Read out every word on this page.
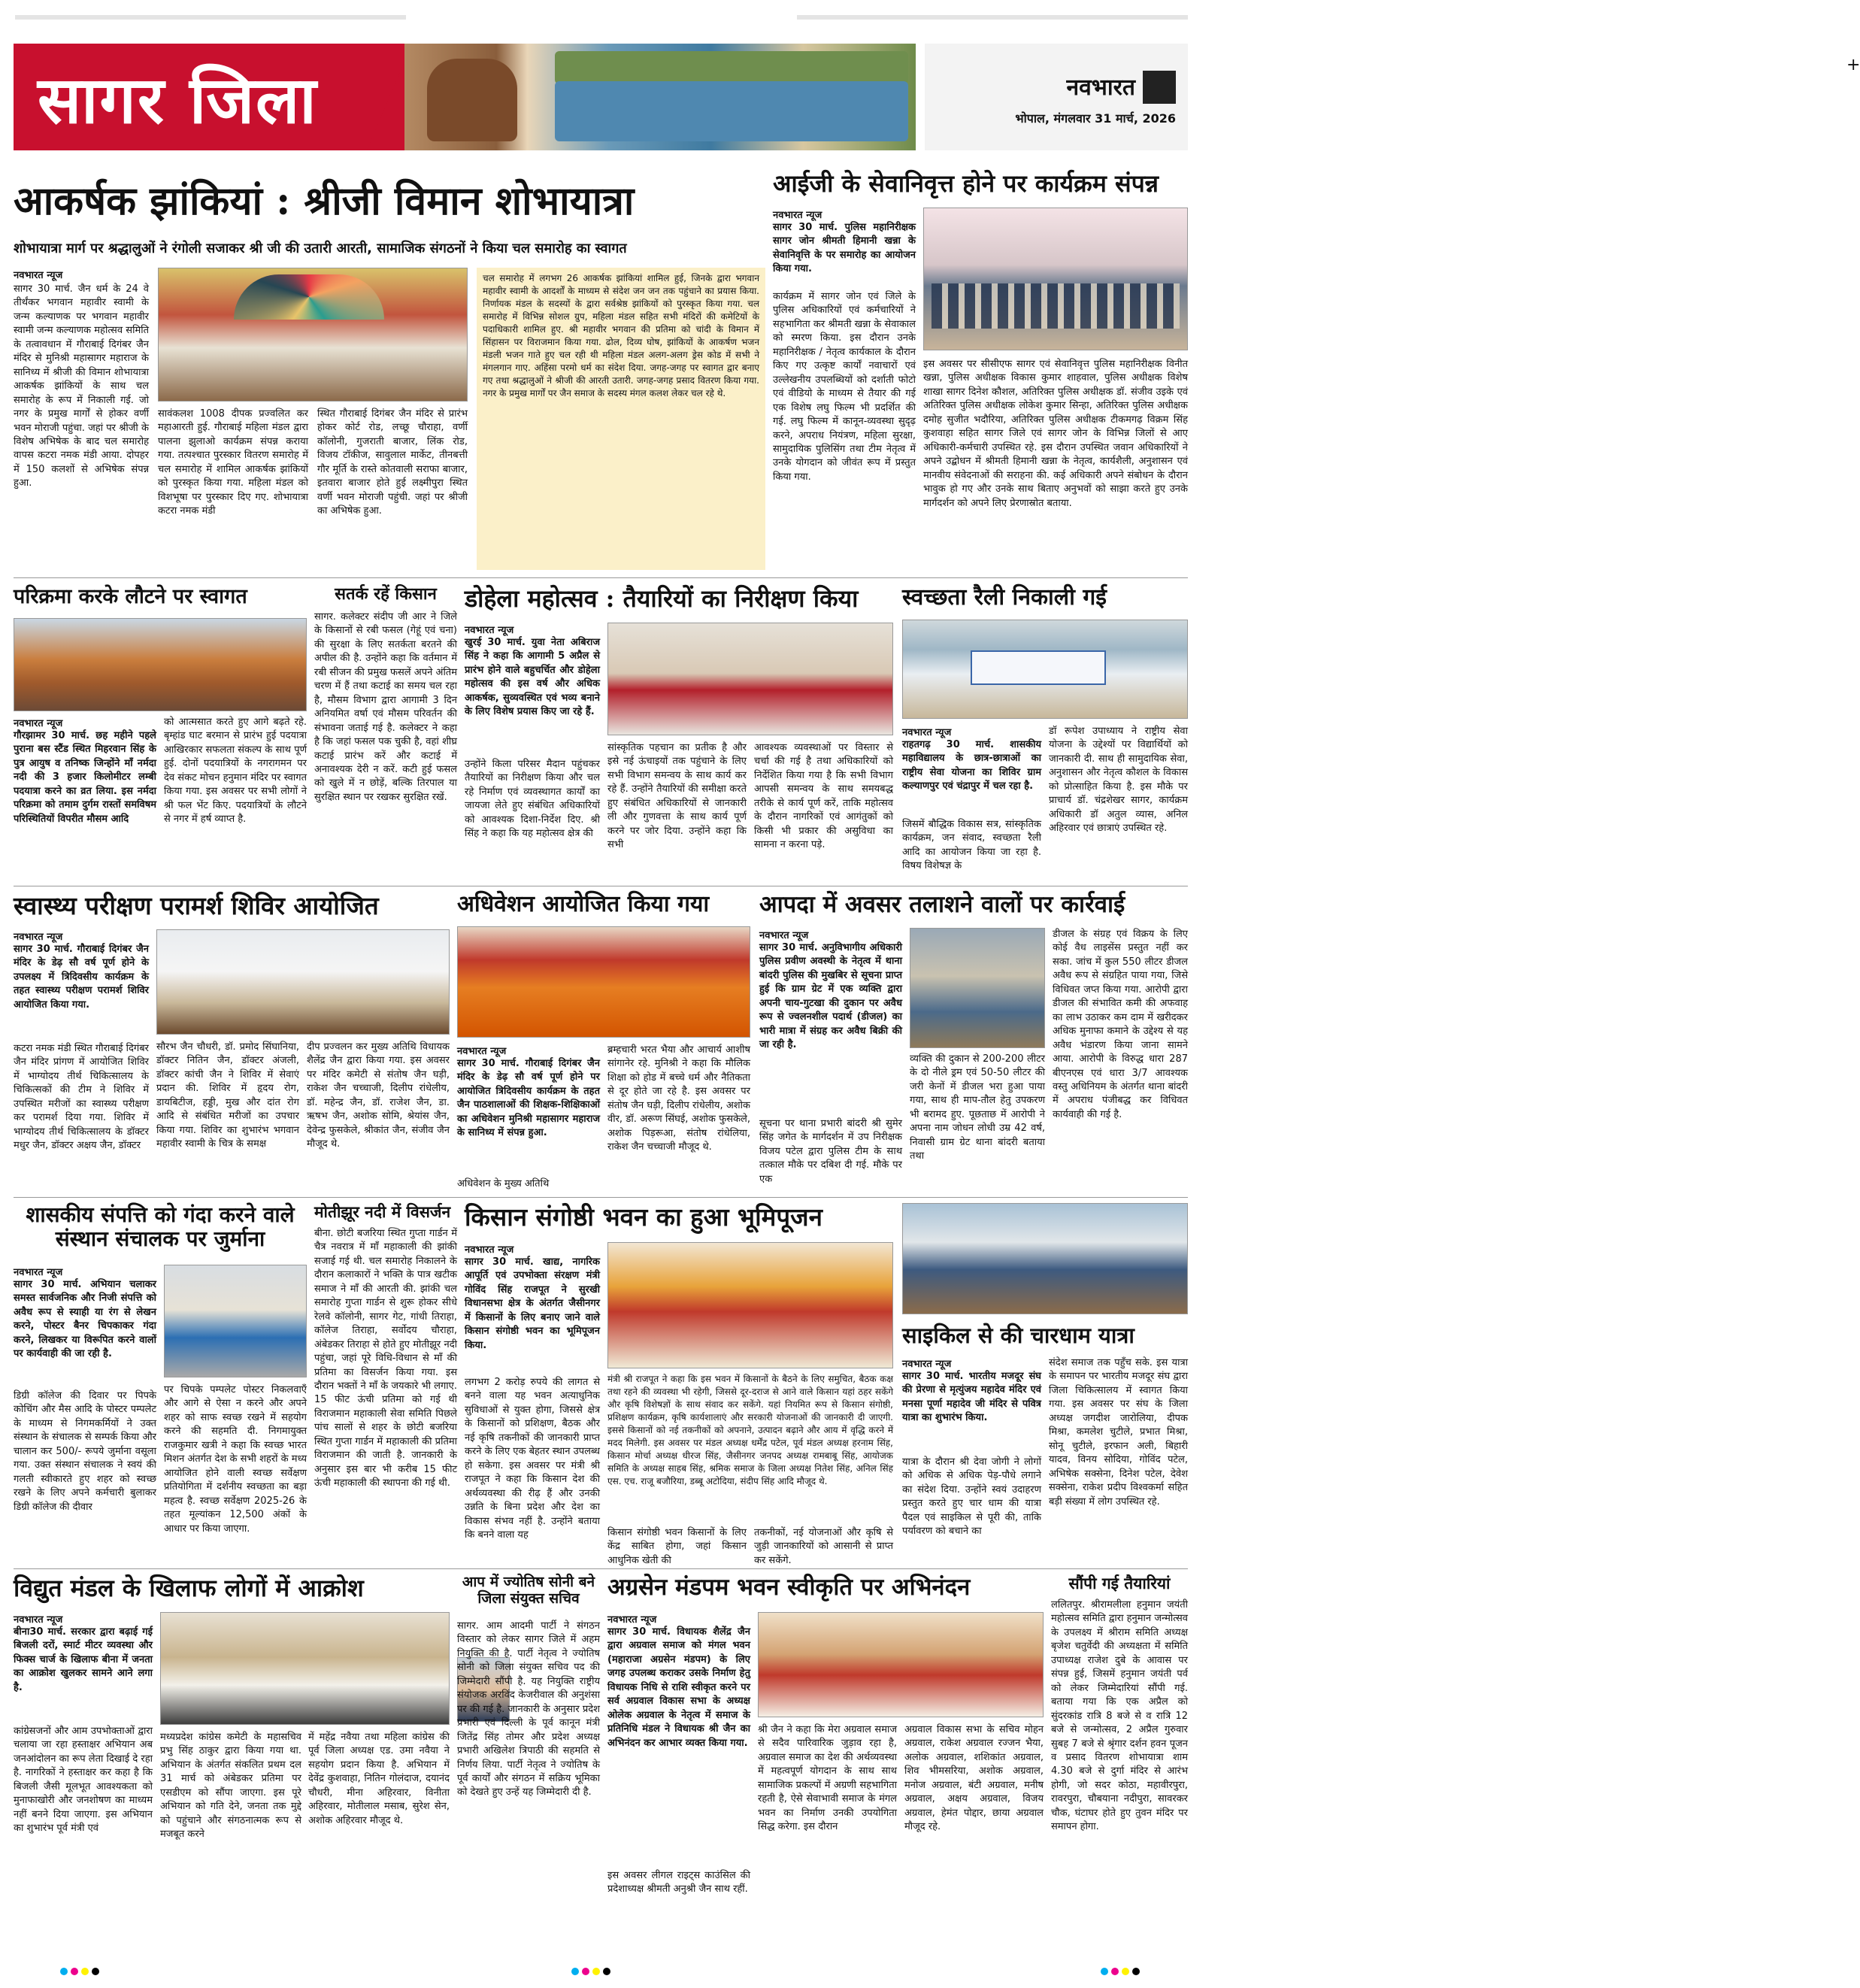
सागर जिला	+
नवभारत
भोपाल, मंगलवार 31 मार्च, 2026
आकर्षक झांकियां : श्रीजी विमान शोभायात्रा
शोभायात्रा मार्ग पर श्रद्धालुओं ने रंगोली सजाकर श्री जी की उतारी आरती, सामाजिक संगठनों ने किया चल समारोह का स्वागत
नवभारत न्यूज
सागर 30 मार्च. जैन धर्म के 24 वे तीर्थंकर भगवान महावीर स्वामी के जन्म कल्याणक पर भगवान महावीर स्वामी जन्म कल्याणक महोत्सव समिति के तत्वावधान में गौराबाई दिगंबर जैन मंदिर से मुनिश्री महासागर महाराज के सानिध्य में श्रीजी की विमान शोभायात्रा आकर्षक झांकियों के साथ चल समारोह के रूप में निकाली गई. जो नगर के प्रमुख मार्गों से होकर वर्णी भवन मोराजी पहुंचा. जहां पर श्रीजी के विशेष अभिषेक के बाद चल समारोह वापस कटरा नमक मंडी आया. दोपहर में 150 कलशों से अभिषेक संपन्न हुआ.
सावंकलश 1008 दीपक प्रज्वलित कर महाआरती हुई. गौराबाई महिला मंडल द्वारा पालना झुलाओ कार्यक्रम संपन्न कराया गया. तत्पश्चात पुरस्कार वितरण समारोह में चल समारोह में शामिल आकर्षक झांकियों को पुरस्कृत किया गया. महिला मंडल को विशभूषा पर पुरस्कार दिए गए. शोभायात्रा कटरा नमक मंडी
स्थित गौराबाई दिगंबर जैन मंदिर से प्रारंभ होकर कोर्ट रोड, लच्छू चौराहा, वर्णी कॉलोनी, गुजराती बाजार, लिंक रोड, विजय टॉकीज, सावुलाल मार्केट, तीनबत्ती गौर मूर्ति के रास्ते कोतवाली सराफा बाजार, इतवारा बाजार होते हुई लक्ष्मीपुरा स्थित वर्णी भवन मोराजी पहुंची. जहां पर श्रीजी का अभिषेक हुआ.
चल समारोह में लगभग 26 आकर्षक झांकियां शामिल हुई, जिनके द्वारा भगवान महावीर स्वामी के आदर्शों के माध्यम से संदेश जन जन तक पहुंचाने का प्रयास किया. निर्णायक मंडल के सदस्यों के द्वारा सर्वश्रेष्ठ झांकियों को पुरस्कृत किया गया. चल समारोह में विभिन्न सोशल ग्रुप, महिला मंडल सहित सभी मंदिरों की कमेटियों के पदाधिकारी शामिल हुए. श्री महावीर भगवान की प्रतिमा को चांदी के विमान में सिंहासन पर विराजमान किया गया. ढोल, दिव्य घोष, झांकियों के आकर्षण भजन मंडली भजन गाते हुए चल रही थी महिला मंडल अलग-अलग ड्रेस कोड में सभी ने मंगलगान गाए. अहिंसा परमो धर्म का संदेश दिया. जगह-जगह पर स्वागत द्वार बनाए गए तथा श्रद्धालुओं ने श्रीजी की आरती उतारी. जगह-जगह प्रसाद वितरण किया गया. नगर के प्रमुख मार्गों पर जैन समाज के सदस्य मंगल कलश लेकर चल रहे थे.
आईजी के सेवानिवृत्त होने पर कार्यक्रम संपन्न
नवभारत न्यूज
सागर 30 मार्च. पुलिस महानिरीक्षक सागर जोन श्रीमती हिमानी खन्ना के सेवानिवृत्ति के पर समारोह का आयोजन किया गया.
कार्यक्रम में सागर जोन एवं जिले के पुलिस अधिकारियों एवं कर्मचारियों ने सहभागिता कर श्रीमती खन्ना के सेवाकाल को स्मरण किया. इस दौरान उनके महानिरीक्षक / नेतृत्व कार्यकाल के दौरान किए गए उत्कृष्ट कार्यों नवाचारों एवं उल्लेखनीय उपलब्धियों को दर्शाती फोटो एवं वीडियो के माध्यम से तैयार की गई एक विशेष लघु फिल्म भी प्रदर्शित की गई. लघु फिल्म में कानून-व्यवस्था सुदृढ़ करने, अपराध नियंत्रण, महिला सुरक्षा, सामुदायिक पुलिसिंग तथा टीम नेतृत्व में उनके योगदान को जीवंत रूप में प्रस्तुत किया गया.
इस अवसर पर सीसीएफ सागर एवं सेवानिवृत्त पुलिस महानिरीक्षक विनीत खन्ना, पुलिस अधीक्षक विकास कुमार शाहवाल, पुलिस अधीक्षक विशेष शाखा सागर दिनेश कौशल, अतिरिक्त पुलिस अधीक्षक डॉ. संजीव उइके एवं अतिरिक्त पुलिस अधीक्षक लोकेश कुमार सिन्हा, अतिरिक्त पुलिस अधीक्षक दमोह सुजीत भदौरिया, अतिरिक्त पुलिस अधीक्षक टीकमगढ़ विक्रम सिंह कुशवाहा सहित सागर जिले एवं सागर जोन के विभिन्न जिलों से आए अधिकारी-कर्मचारी उपस्थित रहे. इस दौरान उपस्थित जवान अधिकारियों ने अपने उद्बोधन में श्रीमती हिमानी खन्ना के नेतृत्व, कार्यशैली, अनुशासन एवं मानवीय संवेदनाओं की सराहना की. कई अधिकारी अपने संबोधन के दौरान भावुक हो गए और उनके साथ बिताए अनुभवों को साझा करते हुए उनके मार्गदर्शन को अपने लिए प्रेरणास्रोत बताया.
परिक्रमा करके लौटने पर स्वागत
नवभारत न्यूज
गौरझामर 30 मार्च. छह महीने पहले पुराना बस स्टैंड स्थित मिहरवान सिंह के पुत्र आयुष व तनिष्क जिन्होंने माँ नर्मदा नदी की 3 हजार किलोमीटर लम्बी पदयात्रा करने का व्रत लिया. इस नर्मदा परिक्रमा को तमाम दुर्गम रास्तों समविषम परिस्थितियों विपरीत मौसम आदि
को आत्मसात करते हुए आगे बढ़ते रहे. बृम्हांड घाट बरमान से प्रारंभ हुई पदयात्रा आखिरकार सफलता संकल्प के साथ पूर्ण हुई. दोनों पदयात्रियों के नगरागमन पर देव संकट मोचन हनुमान मंदिर पर स्वागत किया गया. इस अवसर पर सभी लोगों ने श्री फल भेंट किए. पदयात्रियों के लौटने से नगर में हर्ष व्याप्त है.
सतर्क रहें किसान
सागर. कलेक्टर संदीप जी आर ने जिले के किसानों से रबी फसल (गेहूं एवं चना) की सुरक्षा के लिए सतर्कता बरतने की अपील की है. उन्होंने कहा कि वर्तमान में रबी सीजन की प्रमुख फसलें अपने अंतिम चरण में हैं तथा कटाई का समय चल रहा है, मौसम विभाग द्वारा आगामी 3 दिन अनियमित वर्षा एवं मौसम परिवर्तन की संभावना जताई गई है. कलेक्टर ने कहा है कि जहां फसल पक चुकी है, वहां शीघ्र कटाई प्रारंभ करें और कटाई में अनावश्यक देरी न करें. कटी हुई फसल को खुले में न छोड़ें, बल्कि तिरपाल या सुरक्षित स्थान पर रखकर सुरक्षित रखें.
डोहेला महोत्सव : तैयारियों का निरीक्षण किया
नवभारत न्यूज
खुरई 30 मार्च. युवा नेता अबिराज सिंह ने कहा कि आगामी 5 अप्रैल से प्रारंभ होने वाले बहुचर्चित और डोहेला महोत्सव की इस वर्ष और अधिक आकर्षक, सुव्यवस्थित एवं भव्य बनाने के लिए विशेष प्रयास किए जा रहे हैं.
उन्होंने किला परिसर मैदान पहुंचकर तैयारियों का निरीक्षण किया और चल रहे निर्माण एवं व्यवस्थागत कार्यों का जायजा लेते हुए संबंधित अधिकारियों को आवश्यक दिशा-निर्देश दिए. श्री सिंह ने कहा कि यह महोत्सव क्षेत्र की
सांस्कृतिक पहचान का प्रतीक है और इसे नई ऊंचाइयों तक पहुंचाने के लिए सभी विभाग समन्वय के साथ कार्य कर रहे हैं. उन्होंने तैयारियों की समीक्षा करते हुए संबंधित अधिकारियों से जानकारी ली और गुणवत्ता के साथ कार्य पूर्ण करने पर जोर दिया. उन्होंने कहा कि सभी
आवश्यक व्यवस्थाओं पर विस्तार से चर्चा की गई है तथा अधिकारियों को निर्देशित किया गया है कि सभी विभाग आपसी समन्वय के साथ समयबद्ध तरीके से कार्य पूर्ण करें, ताकि महोत्सव के दौरान नागरिकों एवं आगंतुकों को किसी भी प्रकार की असुविधा का सामना न करना पड़े.
स्वच्छता रैली निकाली गई
नवभारत न्यूज
राहतगढ़ 30 मार्च. शासकीय महाविद्यालय के छात्र-छात्राओं का राष्ट्रीय सेवा योजना का शिविर ग्राम कल्याणपुर एवं चंद्रापुर में चल रहा है.
जिसमें बौद्धिक विकास सत्र, सांस्कृतिक कार्यक्रम, जन संवाद, स्वच्छता रैली आदि का आयोजन किया जा रहा है. विषय विशेषज्ञ के
डॉ रूपेश उपाध्याय ने राष्ट्रीय सेवा योजना के उद्देश्यों पर विद्यार्थियों को जानकारी दी. साथ ही सामुदायिक सेवा, अनुशासन और नेतृत्व कौशल के विकास को प्रोत्साहित किया है. इस मौके पर प्राचार्य डॉ. चंद्रशेखर सागर, कार्यक्रम अधिकारी डॉ अतुल व्यास, अनिल अहिरवार एवं छात्राएं उपस्थित रहे.
स्वास्थ्य परीक्षण परामर्श शिविर आयोजित
नवभारत न्यूज
सागर 30 मार्च. गौराबाई दिगंबर जैन मंदिर के डेढ़ सौ वर्ष पूर्ण होने के उपलक्ष्य में त्रिदिवसीय कार्यक्रम के तहत स्वास्थ्य परीक्षण परामर्श शिविर आयोजित किया गया.
कटरा नमक मंडी स्थित गौराबाई दिगंबर जैन मंदिर प्रांगण में आयोजित शिविर में भाग्योदय तीर्थ चिकित्सालय के चिकित्सकों की टीम ने शिविर में उपस्थित मरीजों का स्वास्थ्य परीक्षण कर परामर्श दिया गया. शिविर में भाग्योदय तीर्थ चिकित्सालय के डॉक्टर मधुर जैन, डॉक्टर अक्षय जैन, डॉक्टर
सौरभ जैन चौधरी, डॉ. प्रमोद सिंघानिया, डॉक्टर नितिन जैन, डॉक्टर अंजली, डॉक्टर कांची जैन ने शिविर में सेवाएं प्रदान की. शिविर में हृदय रोग, डायबिटीज, हड्डी, मुख और दांत रोग आदि से संबंधित मरीजों का उपचार किया गया. शिविर का शुभारंभ भगवान महावीर स्वामी के चित्र के समक्ष
दीप प्रज्वलन कर मुख्य अतिथि विधायक शैलेंद्र जैन द्वारा किया गया. इस अवसर पर मंदिर कमेटी से संतोष जैन घड़ी, राकेश जैन चच्चाजी, दिलीप रांधेलीय, डॉ. महेन्द्र जैन, डॉ. राजेश जैन, डा. ऋषभ जैन, अशोक सोमि, श्रेयांस जैन, देवेन्द्र फुसकेले, श्रीकांत जैन, संजीव जैन मौजूद थे.
अधिवेशन आयोजित किया गया
नवभारत न्यूज
सागर 30 मार्च. गौराबाई दिगंबर जैन मंदिर के डेढ़ सौ वर्ष पूर्ण होने पर आयोजित त्रिदिवसीय कार्यक्रम के तहत जैन पाठशालाओं की शिक्षक-शिक्षिकाओं का अधिवेशन मुनिश्री महासागर महाराज के सानिध्य में संपन्न हुआ.
अधिवेशन के मुख्य अतिथि
ब्रम्हचारी भरत भैया और आचार्य आशीष सांगानेर रहे. मुनिश्री ने कहा कि मौलिक शिक्षा को होड में बच्चे धर्म और नैतिकता से दूर होते जा रहे है. इस अवसर पर संतोष जैन घड़ी, दिलीप रांधेलीय, अशोक वीर, डॉ. अरूण सिंघई, अशोक फुसकेले, अशोक पिड़रूआ, संतोष रांधेलिया, राकेश जैन चच्चाजी मौजूद थे.
आपदा में अवसर तलाशने वालों पर कार्रवाई
नवभारत न्यूज
सागर 30 मार्च. अनुविभागीय अधिकारी पुलिस प्रवीण अवस्थी के नेतृत्व में थाना बांदरी पुलिस की मुखबिर से सूचना प्राप्त हुई कि ग्राम ग्रेट में एक व्यक्ति द्वारा अपनी चाय-गुटखा की दुकान पर अवैध रूप से ज्वलनशील पदार्थ (डीजल) का भारी मात्रा में संग्रह कर अवैध बिक्री की जा रही है.
सूचना पर थाना प्रभारी बांदरी श्री सुमेर सिंह जगेत के मार्गदर्शन में उप निरीक्षक विजय पटेल द्वारा पुलिस टीम के साथ तत्काल मौके पर दबिश दी गई. मौके पर एक
व्यक्ति की दुकान से 200-200 लीटर के दो नीले ड्रम एवं 50-50 लीटर की जरी केनों में डीजल भरा हुआ पाया गया, साथ ही माप-तौल हेतु उपकरण भी बरामद हुए. पूछताछ में आरोपी ने अपना नाम जोधन लोधी उम्र 42 वर्ष, निवासी ग्राम ग्रेट थाना बांदरी बताया तथा
डीजल के संग्रह एवं विक्रय के लिए कोई वैध लाइसेंस प्रस्तुत नहीं कर सका. जांच में कुल 550 लीटर डीजल अवैध रूप से संग्रहित पाया गया, जिसे विधिवत जप्त किया गया. आरोपी द्वारा डीजल की संभावित कमी की अफवाह का लाभ उठाकर कम दाम में खरीदकर अधिक मुनाफा कमाने के उद्देश्य से यह अवैध भंडारण किया जाना सामने आया. आरोपी के विरुद्ध धारा 287 बीएनएस एवं धारा 3/7 आवश्यक वस्तु अधिनियम के अंतर्गत थाना बांदरी में अपराध पंजीबद्ध कर विधिवत कार्यवाही की गई है.
शासकीय संपत्ति को गंदा करने वाले संस्थान संचालक पर जुर्माना
नवभारत न्यूज
सागर 30 मार्च. अभियान चलाकर समस्त सार्वजनिक और निजी संपत्ति को अवैध रूप से स्याही या रंग से लेखन करने, पोस्टर बैनर चिपकाकर गंदा करने, लिखकर या विरूपित करने वालों पर कार्यवाही की जा रही है.
डिग्री कॉलेज की दिवार पर पिपके कोचिंग और मैस आदि के पोस्टर पम्पलेट के माध्यम से निगमकर्मियों ने उक्त संस्थान के संचालक से सम्पर्क किया और चालान कर 500/- रूपये जुर्माना वसूला गया. उक्त संस्थान संचालक ने स्वयं की गलती स्वीकारते हुए शहर को स्वच्छ रखने के लिए अपने कर्मचारी बुलाकर डिग्री कॉलेज की दीवार
पर चिपके पम्पलेट पोस्टर निकलवाएँ और आगे से ऐसा न करने और अपने शहर को साफ स्वच्छ रखने में सहयोग करने की सहमति दी. निगमायुक्त राजकुमार खत्री ने कहा कि स्वच्छ भारत मिशन अंतर्गत देश के सभी शहरों के मध्य आयोजित होने वाली स्वच्छ सर्वेक्षण प्रतियोगिता में दर्शनीय स्वच्छता का बड़ा महत्व है. स्वच्छ सर्वेक्षण 2025-26 के तहत मूल्यांकन 12,500 अंकों के आधार पर किया जाएगा.
मोतीझूर नदी में विसर्जन
बीना. छोटी बजरिया स्थित गुप्ता गार्डन में चैत्र नवरात्र में माँ महाकाली की झांकी सजाई गई थी. चल समारोह निकालने के दौरान कलाकारों ने भक्ति के पात्र खटीक समाज ने माँ की आरती की. झांकी चल समारोह गुप्ता गार्डन से शुरू होकर सीधे रेलवे कॉलोनी, सागर गेट, गांधी तिराहा, कॉलेज तिराहा, सर्वोदय चौराहा, अंबेडकर तिराहा से होते हुए मोतीझूर नदी पहुंचा, जहां पूरे विधि-विधान से माँ की प्रतिमा का विसर्जन किया गया. इस दौरान भक्तों ने माँ के जयकारे भी लगाए. 15 फीट ऊंची प्रतिमा को गई थी विराजमान महाकाली सेवा समिति पिछले पांच सालों से शहर के छोटी बजरिया स्थित गुप्ता गार्डन में महाकाली की प्रतिमा विराजमान की जाती है. जानकारी के अनुसार इस बार भी करीब 15 फीट ऊंची महाकाली की स्थापना की गई थी.
किसान संगोष्ठी भवन का हुआ भूमिपूजन
नवभारत न्यूज
सागर 30 मार्च. खाद्य, नागरिक आपूर्ति एवं उपभोक्ता संरक्षण मंत्री गोविंद सिंह राजपूत ने सुरखी विधानसभा क्षेत्र के अंतर्गत जैसीनगर में किसानों के लिए बनाए जाने वाले किसान संगोष्ठी भवन का भूमिपूजन किया.
लगभग 2 करोड़ रुपये की लागत से बनने वाला यह भवन अत्याधुनिक सुविधाओं से युक्त होगा, जिससे क्षेत्र के किसानों को प्रशिक्षण, बैठक और नई कृषि तकनीकों की जानकारी प्राप्त करने के लिए एक बेहतर स्थान उपलब्ध हो सकेगा. इस अवसर पर मंत्री श्री राजपूत ने कहा कि किसान देश की अर्थव्यवस्था की रीढ़ हैं और उनकी उन्नति के बिना प्रदेश और देश का विकास संभव नहीं है. उन्होंने बताया कि बनने वाला यह
मंत्री श्री राजपूत ने कहा कि इस भवन में किसानों के बैठने के लिए समुचित, बैठक कक्ष तथा रहने की व्यवस्था भी रहेगी, जिससे दूर-दराज से आने वाले किसान यहां ठहर सकेंगे और कृषि विशेषज्ञों के साथ संवाद कर सकेंगे. यहां नियमित रूप से किसान संगोष्ठी, प्रशिक्षण कार्यक्रम, कृषि कार्यशालाएं और सरकारी योजनाओं की जानकारी दी जाएगी. इससे किसानों को नई तकनीकों को अपनाने, उत्पादन बढ़ाने और आय में वृद्धि करने में मदद मिलेगी. इस अवसर पर मंडल अध्यक्ष धर्मेंद्र पटेल, पूर्व मंडल अध्यक्ष हरनाम सिंह, किसान मोर्चा अध्यक्ष धीरज सिंह, जैसीनगर जनपद अध्यक्ष रामबाबू सिंह, आयोजक समिति के अध्यक्ष साहब सिंह, श्रमिक समाज के जिला अध्यक्ष नितेश सिंह, अनिल सिंह एस. एच. राजू बजौरिया, डब्बू अटोदिया, संदीप सिंह आदि मौजूद थे.
किसान संगोष्ठी भवन किसानों के लिए केंद्र साबित होगा, जहां किसान आधुनिक खेती की
तकनीकों, नई योजनाओं और कृषि से जुड़ी जानकारियों को आसानी से प्राप्त कर सकेंगे.
साइकिल से की चारधाम यात्रा
नवभारत न्यूज
सागर 30 मार्च. भारतीय मजदूर संघ की प्रेरणा से मृत्युंजय महादेव मंदिर एवं मनसा पूर्णा महादेव जी मंदिर से पवित्र यात्रा का शुभारंभ किया.
यात्रा के दौरान श्री देवा जोगी ने लोगों को अधिक से अधिक पेड़-पौधे लगाने का संदेश दिया. उन्होंने स्वयं उदाहरण प्रस्तुत करते हुए चार धाम की यात्रा पैदल एवं साइकिल से पूरी की, ताकि पर्यावरण को बचाने का
संदेश समाज तक पहुँच सके. इस यात्रा के समापन पर भारतीय मजदूर संघ द्वारा जिला चिकित्सालय में स्वागत किया गया. इस अवसर पर संघ के जिला अध्यक्ष जगदीश जारोलिया, दीपक मिश्रा, कमलेश चुटीले, प्रभात मिश्रा, सोनू चुटीले, इरफान अली, बिहारी यादव, विनय सोदिया, गोविंद पटेल, अभिषेक सक्सेना, दिनेश पटेल, देवेश सक्सेना, राकेश प्रदीप विश्वकर्मा सहित बड़ी संख्या में लोग उपस्थित रहे.
विद्युत मंडल के खिलाफ लोगों में आक्रोश
नवभारत न्यूज
बीना30 मार्च. सरकार द्वारा बढ़ाई गई बिजली दरों, स्मार्ट मीटर व्यवस्था और फिक्स चार्ज के खिलाफ बीना में जनता का आक्रोश खुलकर सामने आने लगा है.
कांग्रेसजनों और आम उपभोक्ताओं द्वारा चलाया जा रहा हस्ताक्षर अभियान अब जनआंदोलन का रूप लेता दिखाई दे रहा है. नागरिकों ने हस्ताक्षर कर कहा है कि बिजली जैसी मूलभूत आवश्यकता को मुनाफाखोरी और जनशोषण का माध्यम नहीं बनने दिया जाएगा. इस अभियान का शुभारंभ पूर्व मंत्री एवं
मध्यप्रदेश कांग्रेस कमेटी के महासचिव प्रभु सिंह ठाकुर द्वारा किया गया था. अभियान के अंतर्गत संकलित प्रथम दल 31 मार्च को अंबेडकर प्रतिमा पर एसडीएम को सौंपा जाएगा. इस पूरे अभियान को गति देने, जनता तक मुद्दे को पहुंचाने और संगठनात्मक रूप से मजबूत करने
में महेंद्र नवैया तथा महिला कांग्रेस की पूर्व जिला अध्यक्ष एड. उमा नवैया ने सहयोग प्रदान किया है. अभियान में देवेंद्र कुशवाहा, नितिन गोलंदाज, दयानंद चौधरी, मीना अहिरवार, विनीता अहिरवार, मोतीलाल मसाब, सुरेश सेन, अशोक अहिरवार मौजूद थे.
आप में ज्योतिष सोनी बने जिला संयुक्त सचिव
सागर. आम आदमी पार्टी ने संगठन विस्तार को लेकर सागर जिले में अहम नियुक्ति की है. पार्टी नेतृत्व ने ज्योतिष सोनी को जिला संयुक्त सचिव पद की जिम्मेदारी सौंपी है. यह नियुक्ति राष्ट्रीय संयोजक अरविंद केजरीवाल की अनुशंसा पर की गई है. जानकारी के अनुसार प्रदेश प्रभारी एवं दिल्ली के पूर्व कानून मंत्री जितेंद्र सिंह तोमर और प्रदेश अध्यक्ष प्रभारी अखिलेश त्रिपाठी की सहमति से निर्णय लिया. पार्टी नेतृत्व ने ज्योतिष के पूर्व कार्यों और संगठन में सक्रिय भूमिका को देखते हुए उन्हें यह जिम्मेदारी दी है.
अग्रसेन मंडपम भवन स्वीकृति पर अभिनंदन
नवभारत न्यूज
सागर 30 मार्च. विधायक शैलेंद्र जैन द्वारा अग्रवाल समाज को मंगल भवन (महाराजा अग्रसेन मंडपम) के लिए जगह उपलब्ध कराकर उसके निर्माण हेतु विधायक निधि से राशि स्वीकृत करने पर सर्व अग्रवाल विकास सभा के अध्यक्ष ओलेक अग्रवाल के नेतृत्व में समाज के प्रतिनिधि मंडल ने विधायक श्री जैन का अभिनंदन कर आभार व्यक्त किया गया.
इस अवसर लीगल राइट्स काउंसिल की प्रदेशाध्यक्ष श्रीमती अनुश्री जैन साथ रहीं.
श्री जैन ने कहा कि मेरा अग्रवाल समाज से सदैव पारिवारिक जुड़ाव रहा है, अग्रवाल समाज का देश की अर्थव्यवस्था में महत्वपूर्ण योगदान के साथ साथ सामाजिक प्रकल्पों में अग्रणी सहभागिता रहती है, ऐसे सेवाभावी समाज के मंगल भवन का निर्माण उनकी उपयोगिता सिद्ध करेगा. इस दौरान
अग्रवाल विकास सभा के सचिव मोहन अग्रवाल, राकेश अग्रवाल रज्जन भैया, अलोक अग्रवाल, शशिकांत अग्रवाल, शिव भीमसरिया, अशोक अग्रवाल, मनोज अग्रवाल, बंटी अग्रवाल, मनीष अग्रवाल, अक्षय अग्रवाल, विजय अग्रवाल, हेमंत पोद्दार, छाया अग्रवाल मौजूद रहे.
सौंपी गई तैयारियां
ललितपुर. श्रीरामलीला हनुमान जयंती महोत्सव समिति द्वारा हनुमान जन्मोत्सव के उपलक्ष्य में श्रीराम समिति अध्यक्ष बृजेश चतुर्वेदी की अध्यक्षता में समिति उपाध्यक्ष राजेश दुबे के आवास पर संपन्न हुई, जिसमें हनुमान जयंती पर्व को लेकर जिम्मेदारियां सौंपी गई. बताया गया कि एक अप्रैल को सुंदरकांड रात्रि 8 बजे से व रात्रि 12 बजे से जन्मोत्सव, 2 अप्रैल गुरुवार सुबह 7 बजे से श्रृंगार दर्शन हवन पूजन व प्रसाद वितरण शोभायात्रा शाम 4.30 बजे से दुर्गा मंदिर से आरंभ होगी, जो सदर कोठा, महावीरपुरा, रावरपुरा, चौबयाना नदीपुरा, सावरकर चौक, घंटाघर होते हुए तुवन मंदिर पर समापन होगा.
